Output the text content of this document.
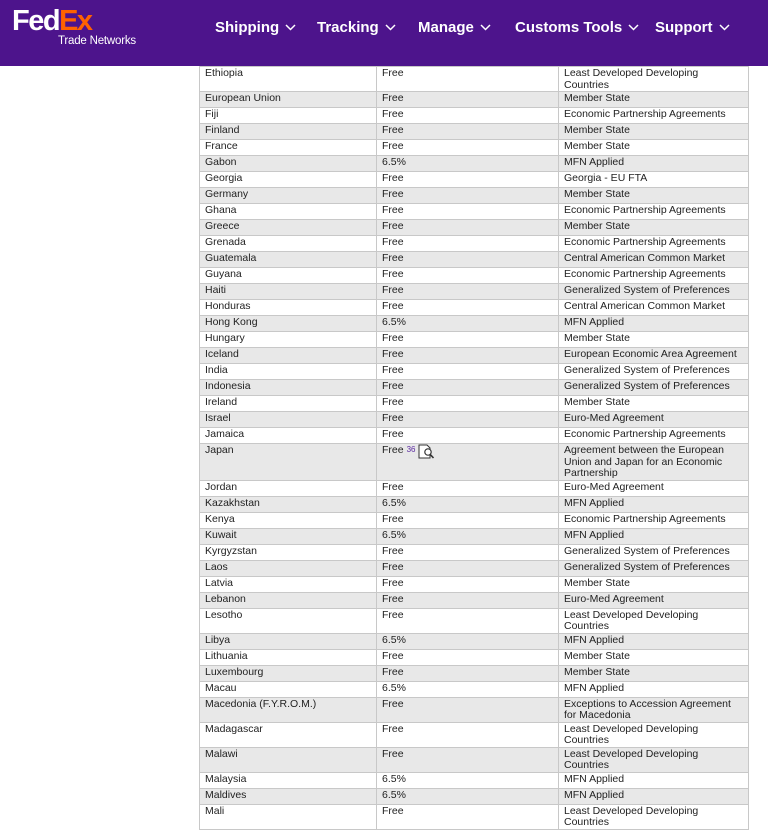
FedEx
Trade Networks
Shipping	Tracking	Manage	Customs Tools Support
Ethiopia	Free	Least Developed Developing Countries
European Union	Free	Member State
Fiji	Free	Economic Partnership Agreements
Finland	Free	Member State
France	Free	Member State
Gabon	6.5%	MFN Applied
Georgia	Free	Georgia - EU FTA
Germany	Free	Member State
Ghana	Free	Economic Partnership Agreements
Greece	Free	Member State
Grenada	Free	Economic Partnership Agreements
Guatemala	Free	Central American Common Market
Guyana	Free	Economic Partnership Agreements
Haiti	Free	Generalized System of Preferences
Honduras	Free	Central American Common Market
Hong Kong	6.5%	MFN Applied
Hungary	Free	Member State
Iceland	Free	European Economic Area Agreement
India	Free	Generalized System of Preferences
Indonesia	Free	Generalized System of Preferences
Ireland	Free	Member State
Israel	Free	Euro-Med Agreement
Jamaica	Free	Economic Partnership Agreements
Japan	Free $^{36}$	Agreement between the European Union and Japan for an Economic Partnership
Jordan	Free	Euro-Med Agreement
Kazakhstan	6.5%	MFN Applied
Kenya	Free	Economic Partnership Agreements
Kuwait	6.5%	MFN Applied
Kyrgyzstan	Free	Generalized System of Preferences
Laos	Free	Generalized System of Preferences
Latvia	Free	Member State
Lebanon	Free	Euro-Med Agreement
Lesotho	Free	Least Developed Developing Countries
Libya	6.5%	MFN Applied
Lithuania	Free	Member State
Luxembourg	Free	Member State
Macau	6.5%	MFN Applied
Macedonia (F.Y.R.O.M.)	Free	Exceptions to Accession Agreement for Macedonia
Madagascar	Free	Least Developed Developing Countries
Malawi	Free	Least Developed Developing Countries
Malaysia	6.5%	MFN Applied
Maldives	6.5%	MFN Applied
Mali	Free	Least Developed Developing Countries
